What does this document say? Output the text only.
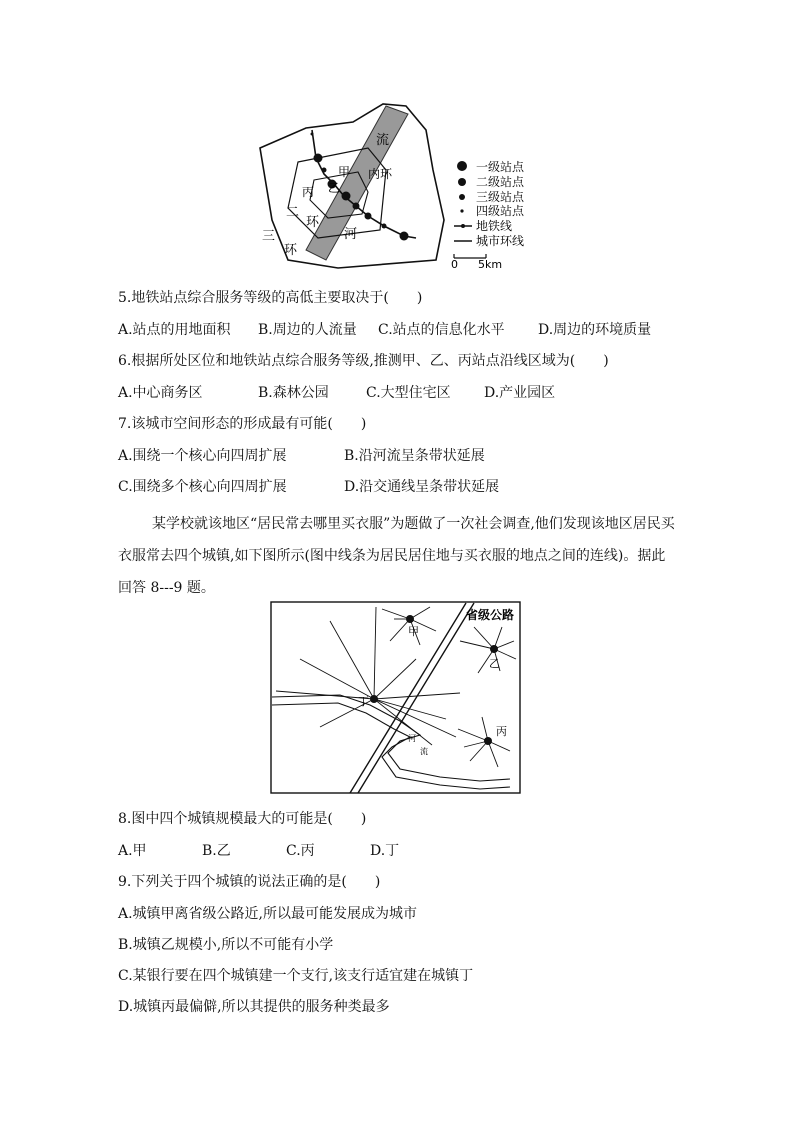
流
河
内环
甲
乙
丙
二
环
三
环
一级站点
二级站点
三级站点
四级站点
地铁线
城市环线
0 5km
5.地铁站点综合服务等级的高低主要取决于(　　)
A.站点的用地面积 B.周边的人流量 C.站点的信息化水平 D.周边的环境质量
6.根据所处区位和地铁站点综合服务等级,推测甲、乙、丙站点沿线区域为(　　)
A.中心商务区	B.森林公园	C.大型住宅区 D.产业园区
7.该城市空间形态的形成最有可能(　　)
A.围绕一个核心向四周扩展	B.沿河流呈条带状延展
C.围绕多个核心向四周扩展	D.沿交通线呈条带状延展
某学校就该地区“居民常去哪里买衣服”为题做了一次社会调查,他们发现该地区居民买衣服常去四个城镇,如下图所示(图中线条为居民居住地与买衣服的地点之间的连线)。据此回答 8---9 题。
省级公路
河
流
甲
乙
丁
丙
8.图中四个城镇规模最大的可能是(　　)
A.甲	B.乙	C.丙	D.丁
9.下列关于四个城镇的说法正确的是(　　)
A.城镇甲离省级公路近,所以最可能发展成为城市
B.城镇乙规模小,所以不可能有小学
C.某银行要在四个城镇建一个支行,该支行适宜建在城镇丁
D.城镇丙最偏僻,所以其提供的服务种类最多
